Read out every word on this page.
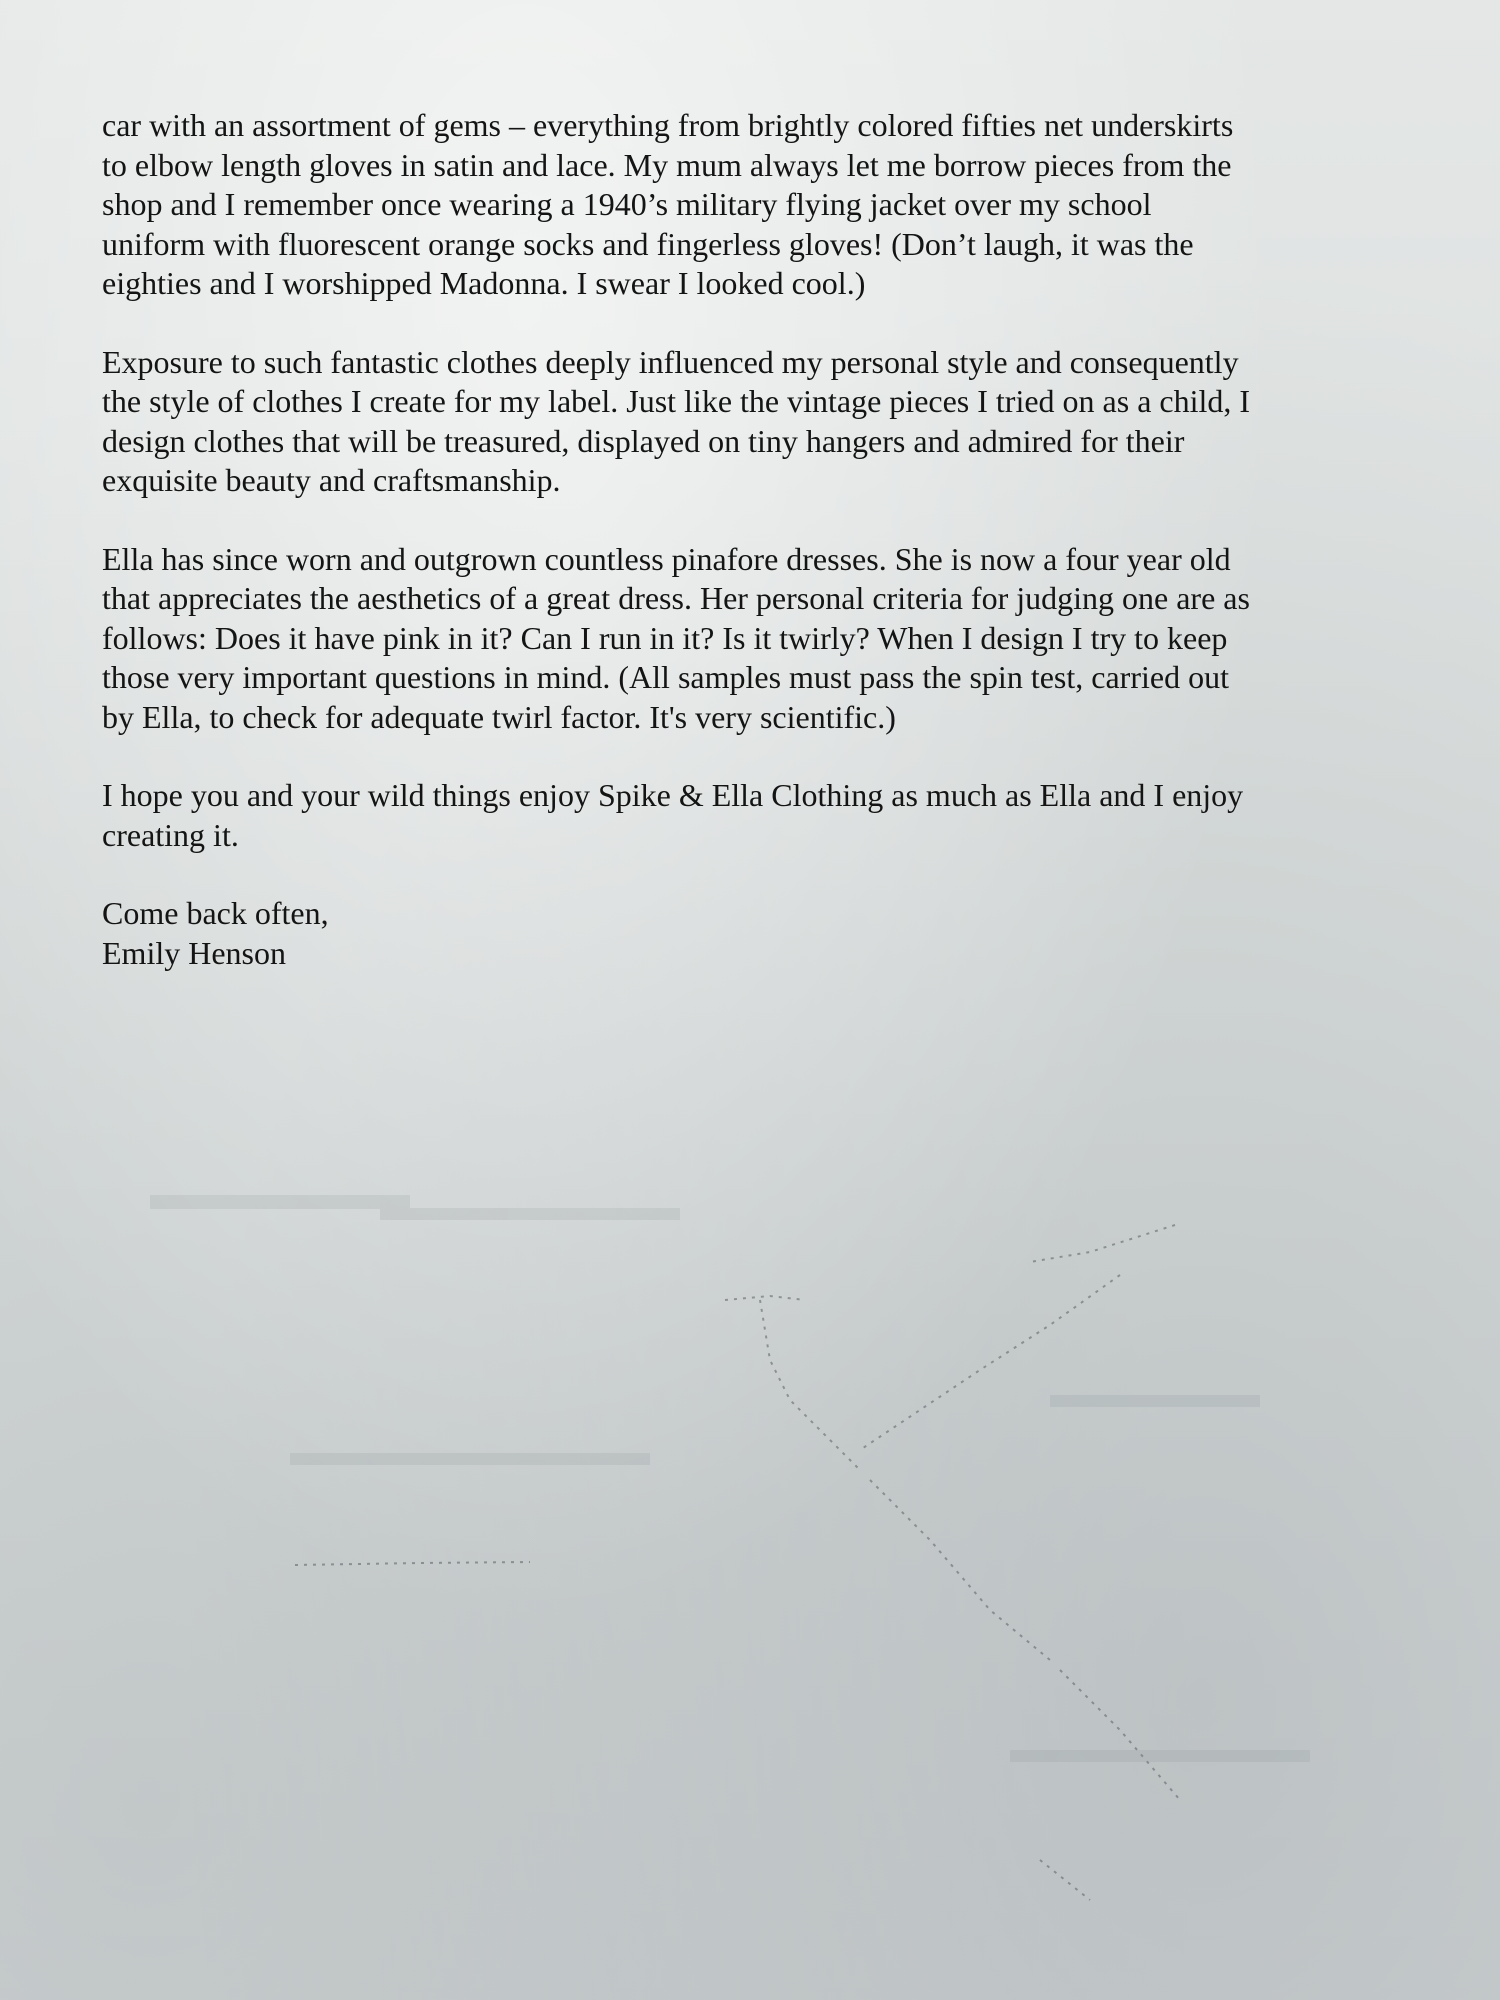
car with an assortment of gems – everything from brightly colored fifties net underskirts
to elbow length gloves in satin and lace. My mum always let me borrow pieces from the
shop and I remember once wearing a 1940’s military flying jacket over my school
uniform with fluorescent orange socks and fingerless gloves! (Don’t laugh, it was the
eighties and I worshipped Madonna. I swear I looked cool.)

Exposure to such fantastic clothes deeply influenced my personal style and consequently
the style of clothes I create for my label. Just like the vintage pieces I tried on as a child, I
design clothes that will be treasured, displayed on tiny hangers and admired for their
exquisite beauty and craftsmanship.

Ella has since worn and outgrown countless pinafore dresses. She is now a four year old
that appreciates the aesthetics of a great dress. Her personal criteria for judging one are as
follows: Does it have pink in it? Can I run in it? Is it twirly? When I design I try to keep
those very important questions in mind. (All samples must pass the spin test, carried out
by Ella, to check for adequate twirl factor. It's very scientific.)

I hope you and your wild things enjoy Spike & Ella Clothing as much as Ella and I enjoy
creating it.

Come back often,
Emily Henson
